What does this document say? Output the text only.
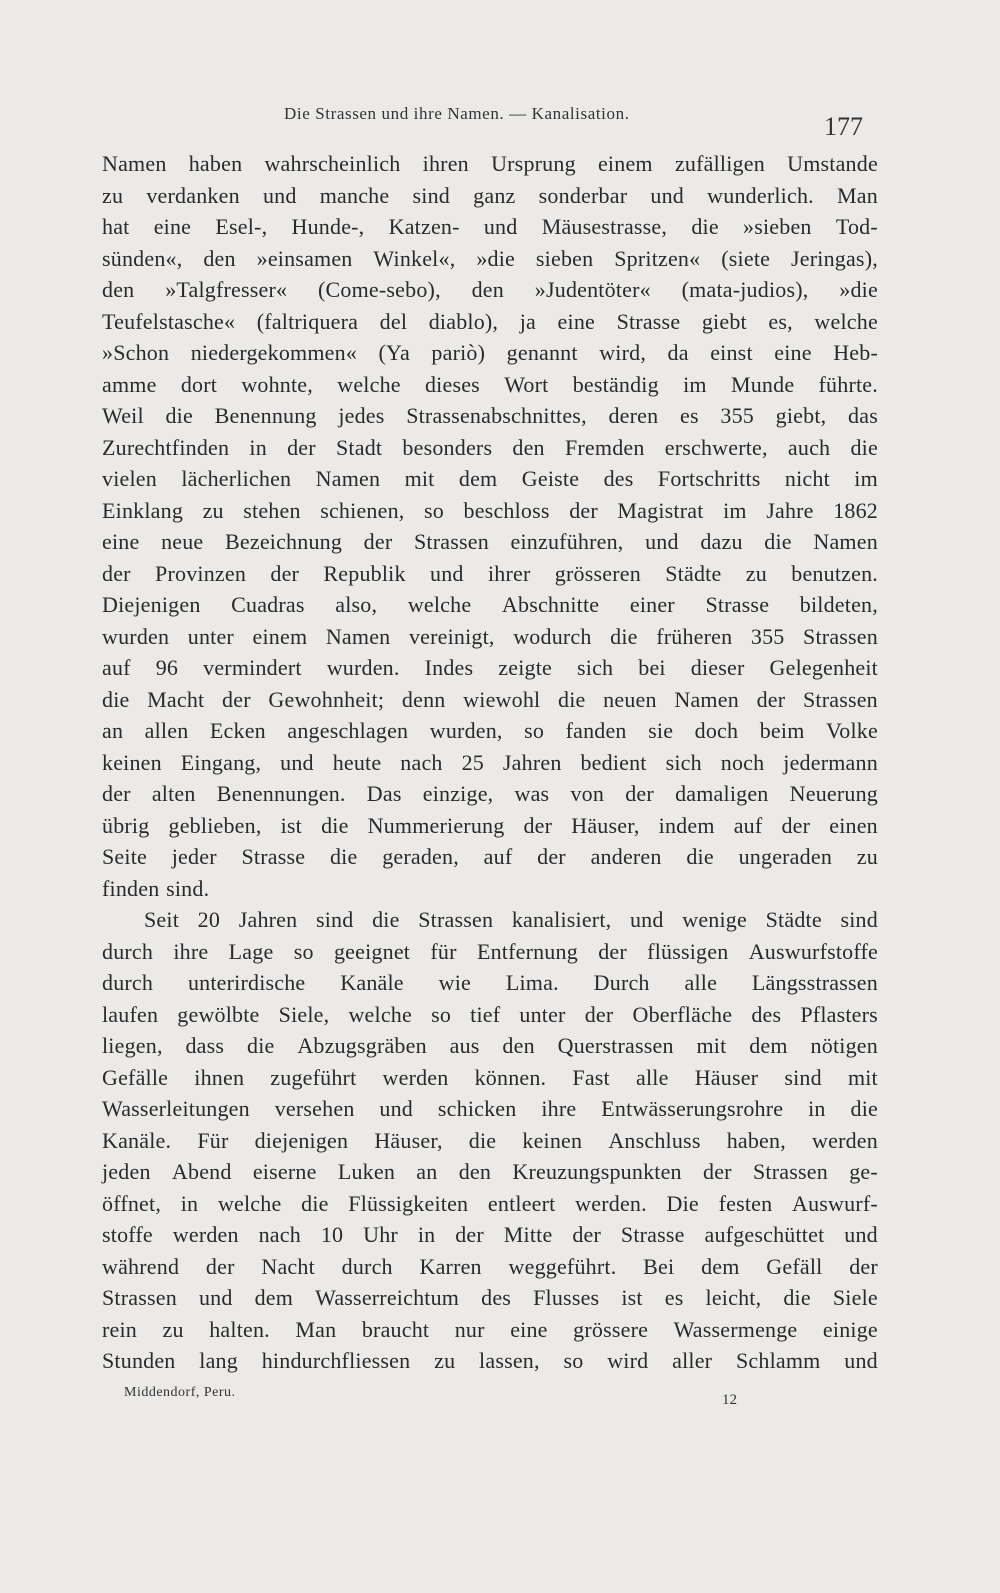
Die Strassen und ihre Namen. — Kanalisation.	177
Namen haben wahrscheinlich ihren Ursprung einem zufälligen Umstande
zu verdanken und manche sind ganz sonderbar und wunderlich. Man
hat eine Esel-, Hunde-, Katzen- und Mäusestrasse, die »sieben Tod-
sünden«, den »einsamen Winkel«, »die sieben Spritzen« (siete Jeringas),
den »Talgfresser« (Come-sebo), den »Judentöter« (mata-judios), »die
Teufelstasche« (faltriquera del diablo), ja eine Strasse giebt es, welche
»Schon niedergekommen« (Ya pariò) genannt wird, da einst eine Heb-
amme dort wohnte, welche dieses Wort beständig im Munde führte.
Weil die Benennung jedes Strassenabschnittes, deren es 355 giebt, das
Zurechtfinden in der Stadt besonders den Fremden erschwerte, auch die
vielen lächerlichen Namen mit dem Geiste des Fortschritts nicht im
Einklang zu stehen schienen, so beschloss der Magistrat im Jahre 1862
eine neue Bezeichnung der Strassen einzuführen, und dazu die Namen
der Provinzen der Republik und ihrer grösseren Städte zu benutzen.
Diejenigen Cuadras also, welche Abschnitte einer Strasse bildeten,
wurden unter einem Namen vereinigt, wodurch die früheren 355 Strassen
auf 96 vermindert wurden. Indes zeigte sich bei dieser Gelegenheit
die Macht der Gewohnheit; denn wiewohl die neuen Namen der Strassen
an allen Ecken angeschlagen wurden, so fanden sie doch beim Volke
keinen Eingang, und heute nach 25 Jahren bedient sich noch jedermann
der alten Benennungen. Das einzige, was von der damaligen Neuerung
übrig geblieben, ist die Nummerierung der Häuser, indem auf der einen
Seite jeder Strasse die geraden, auf der anderen die ungeraden zu
finden sind.
Seit 20 Jahren sind die Strassen kanalisiert, und wenige Städte sind
durch ihre Lage so geeignet für Entfernung der flüssigen Auswurfstoffe
durch unterirdische Kanäle wie Lima. Durch alle Längsstrassen
laufen gewölbte Siele, welche so tief unter der Oberfläche des Pflasters
liegen, dass die Abzugsgräben aus den Querstrassen mit dem nötigen
Gefälle ihnen zugeführt werden können. Fast alle Häuser sind mit
Wasserleitungen versehen und schicken ihre Entwässerungsrohre in die
Kanäle. Für diejenigen Häuser, die keinen Anschluss haben, werden
jeden Abend eiserne Luken an den Kreuzungspunkten der Strassen ge-
öffnet, in welche die Flüssigkeiten entleert werden. Die festen Auswurf-
stoffe werden nach 10 Uhr in der Mitte der Strasse aufgeschüttet und
während der Nacht durch Karren weggeführt. Bei dem Gefäll der
Strassen und dem Wasserreichtum des Flusses ist es leicht, die Siele
rein zu halten. Man braucht nur eine grössere Wassermenge einige
Stunden lang hindurchfliessen zu lassen, so wird aller Schlamm und
Middendorf, Peru.	12
